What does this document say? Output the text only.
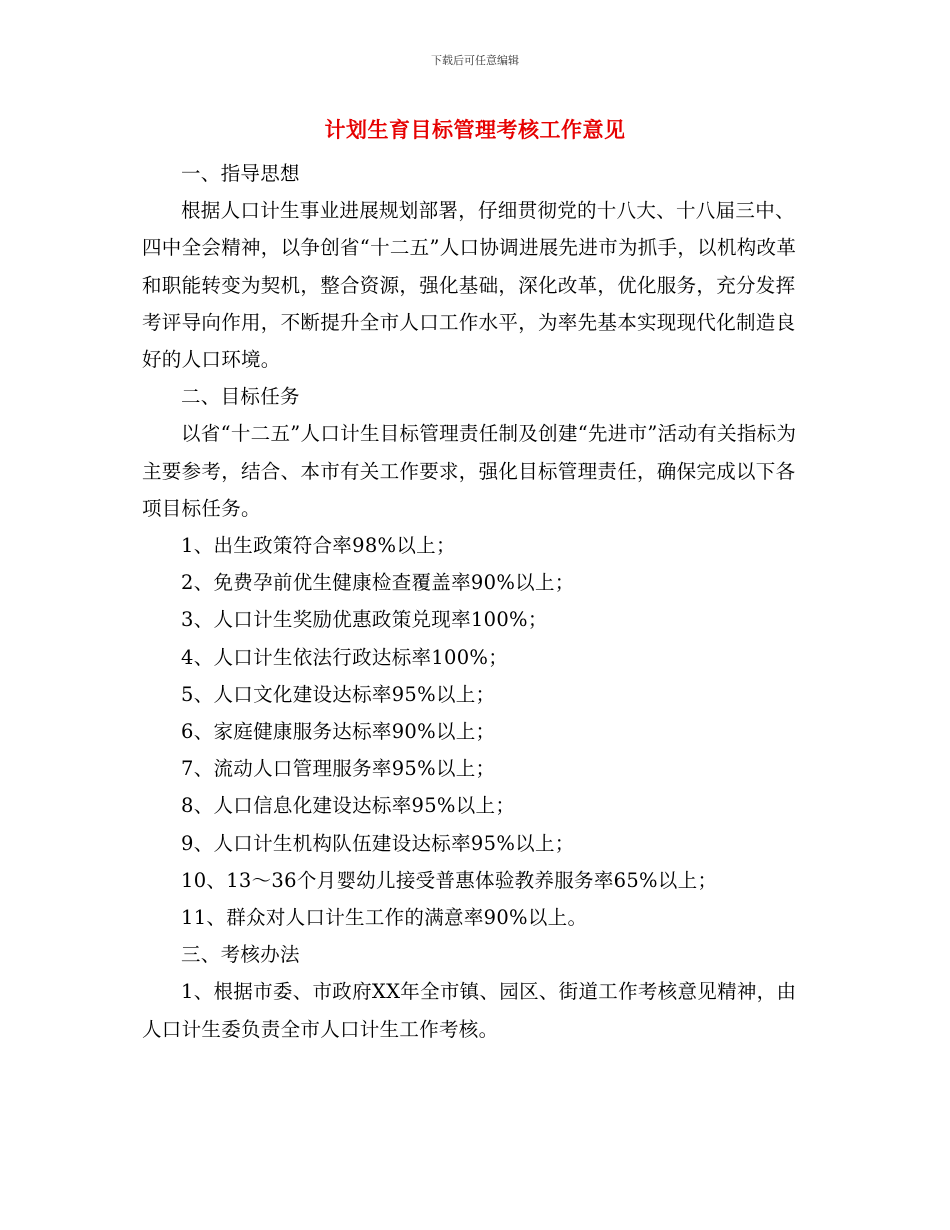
下载后可任意编辑
计划生育目标管理考核工作意见

一、指导思想

根据人口计生事业进展规划部署，仔细贯彻党的十八大、十八届三中、四中全会精神，以争创省“十二五”人口协调进展先进市为抓手，以机构改革和职能转变为契机，整合资源，强化基础，深化改革，优化服务，充分发挥考评导向作用，不断提升全市人口工作水平，为率先基本实现现代化制造良好的人口环境。

二、目标任务

以省“十二五”人口计生目标管理责任制及创建“先进市”活动有关指标为主要参考，结合、本市有关工作要求，强化目标管理责任，确保完成以下各项目标任务。

1、出生政策符合率98%以上；

2、免费孕前优生健康检查覆盖率90%以上；

3、人口计生奖励优惠政策兑现率100%；

4、人口计生依法行政达标率100%；

5、人口文化建设达标率95%以上；

6、家庭健康服务达标率90%以上；

7、流动人口管理服务率95%以上；

8、人口信息化建设达标率95%以上；

9、人口计生机构队伍建设达标率95%以上；

10、13～36个月婴幼儿接受普惠体验教养服务率65%以上；

11、群众对人口计生工作的满意率90%以上。

三、考核办法

1、根据市委、市政府XX年全市镇、园区、街道工作考核意见精神，由人口计生委负责全市人口计生工作考核。
